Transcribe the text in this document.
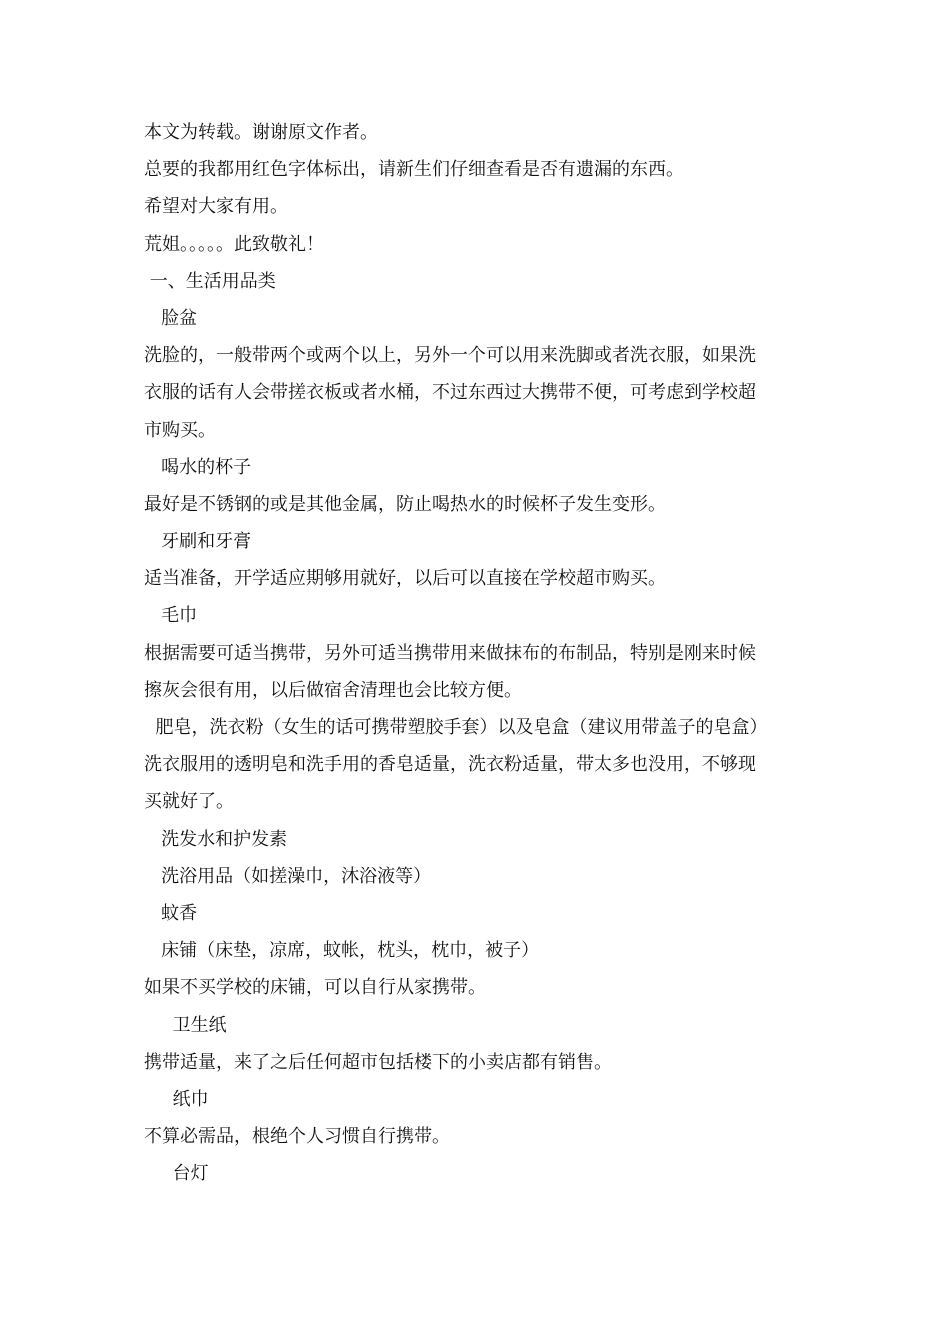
本文为转载。谢谢原文作者。
总要的我都用红色字体标出，请新生们仔细查看是否有遗漏的东西。
希望对大家有用。
荒姐。。。。。此致敬礼！
一、生活用品类
脸盆
洗脸的，一般带两个或两个以上，另外一个可以用来洗脚或者洗衣服，如果洗
衣服的话有人会带搓衣板或者水桶，不过东西过大携带不便，可考虑到学校超
市购买。
喝水的杯子
最好是不锈钢的或是其他金属，防止喝热水的时候杯子发生变形。
牙刷和牙膏
适当准备，开学适应期够用就好，以后可以直接在学校超市购买。
毛巾
根据需要可适当携带，另外可适当携带用来做抹布的布制品，特别是刚来时候
擦灰会很有用，以后做宿舍清理也会比较方便。
肥皂，洗衣粉（女生的话可携带塑胶手套）以及皂盒（建议用带盖子的皂盒）
洗衣服用的透明皂和洗手用的香皂适量，洗衣粉适量，带太多也没用，不够现
买就好了。
洗发水和护发素
洗浴用品（如搓澡巾，沐浴液等）
蚊香
床铺（床垫，凉席，蚊帐，枕头，枕巾，被子）
如果不买学校的床铺，可以自行从家携带。
卫生纸
携带适量，来了之后任何超市包括楼下的小卖店都有销售。
纸巾
不算必需品，根绝个人习惯自行携带。
台灯
